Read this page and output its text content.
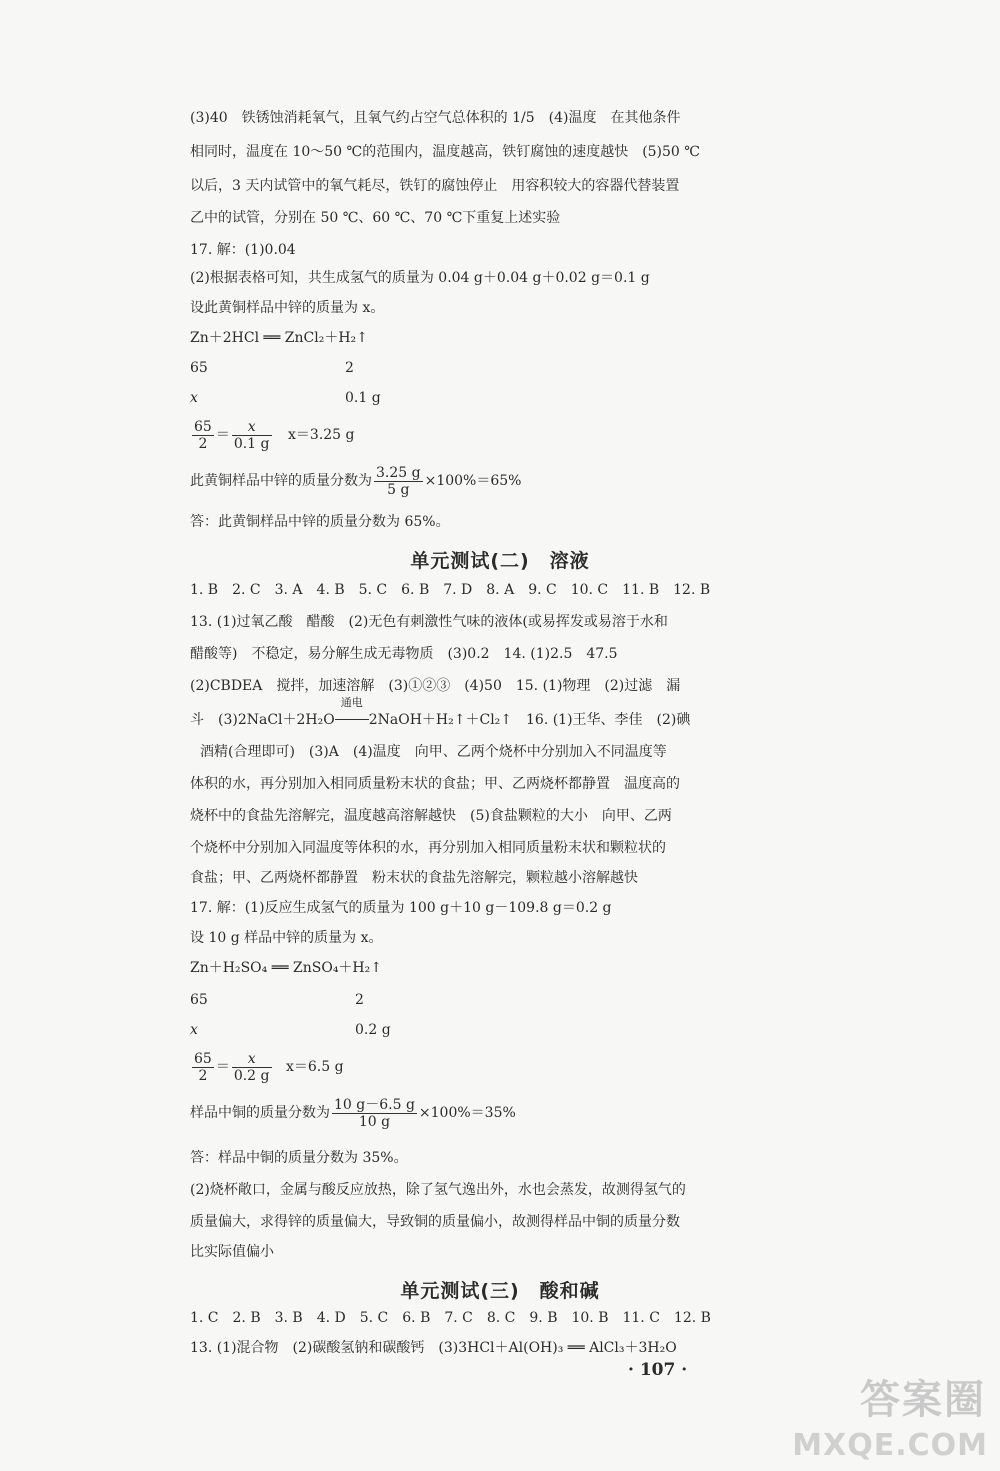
(3)40　铁锈蚀消耗氧气，且氧气约占空气总体积的 1/5　(4)温度　在其他条件
相同时，温度在 10～50 ℃的范围内，温度越高，铁钉腐蚀的速度越快　(5)50 ℃
以后，3 天内试管中的氧气耗尽，铁钉的腐蚀停止　用容积较大的容器代替装置
乙中的试管，分别在 50 ℃、60 ℃、70 ℃下重复上述实验
17. 解：(1)0.04
(2)根据表格可知，共生成氢气的质量为 0.04 g＋0.04 g＋0.02 g＝0.1 g
设此黄铜样品中锌的质量为 x。
Zn＋2HCl ══ ZnCl₂＋H₂↑
65	2
x	0.1 g
$\frac{65}{2} = \frac{x}{0.1 g} x=3.25$ g
此黄铜样品中锌的质量分数为 $\frac{3.25 g}{5 g} \times 100\%=65\%$
答：此黄铜样品中锌的质量分数为 65%。
单元测试(二)　溶液
1. B　2. C　3. A　4. B　5. C　6. B　7. D　8. A　9. C　10. C　11. B　12. B
13. (1)过氧乙酸　醋酸　(2)无色有刺激性气味的液体(或易挥发或易溶于水和
醋酸等)　不稳定，易分解生成无毒物质　(3)0.2　14. (1)2.5　47.5
(2)CBDEA　搅拌，加速溶解　(3)①②③　(4)50　15. (1)物理　(2)过滤　漏
斗　(3)2NaCl＋2H₂O
通电
2NaOH＋H₂↑＋Cl₂↑　16. (1)王华、李佳　(2)碘
酒精(合理即可)　(3)A　(4)温度　向甲、乙两个烧杯中分别加入不同温度等
体积的水，再分别加入相同质量粉末状的食盐；甲、乙两烧杯都静置　温度高的
烧杯中的食盐先溶解完，温度越高溶解越快　(5)食盐颗粒的大小　向甲、乙两
个烧杯中分别加入同温度等体积的水，再分别加入相同质量粉末状和颗粒状的
食盐；甲、乙两烧杯都静置　粉末状的食盐先溶解完，颗粒越小溶解越快
17. 解：(1)反应生成氢气的质量为 100 g＋10 g－109.8 g＝0.2 g
设 10 g 样品中锌的质量为 x。
Zn＋H₂SO₄ ══ ZnSO₄＋H₂↑
65	2
x	0.2 g
$\frac{65}{2} = \frac{x}{0.2 g} x=6.5$ g
样品中铜的质量分数为 $\frac{10 g-6.5 g}{10 g} \times 100\%=35\%$
答：样品中铜的质量分数为 35%。
(2)烧杯敞口，金属与酸反应放热，除了氢气逸出外，水也会蒸发，故测得氢气的
质量偏大，求得锌的质量偏大，导致铜的质量偏小，故测得样品中铜的质量分数
比实际值偏小
单元测试(三)　酸和碱
1. C　2. B　3. B　4. D　5. C　6. B　7. C　8. C　9. B　10. B　11. C　12. B
13. (1)混合物　(2)碳酸氢钠和碳酸钙　(3)3HCl＋Al(OH)₃ ══ AlCl₃＋3H₂O
· 107 ·
答案圈
MXQE.COM
